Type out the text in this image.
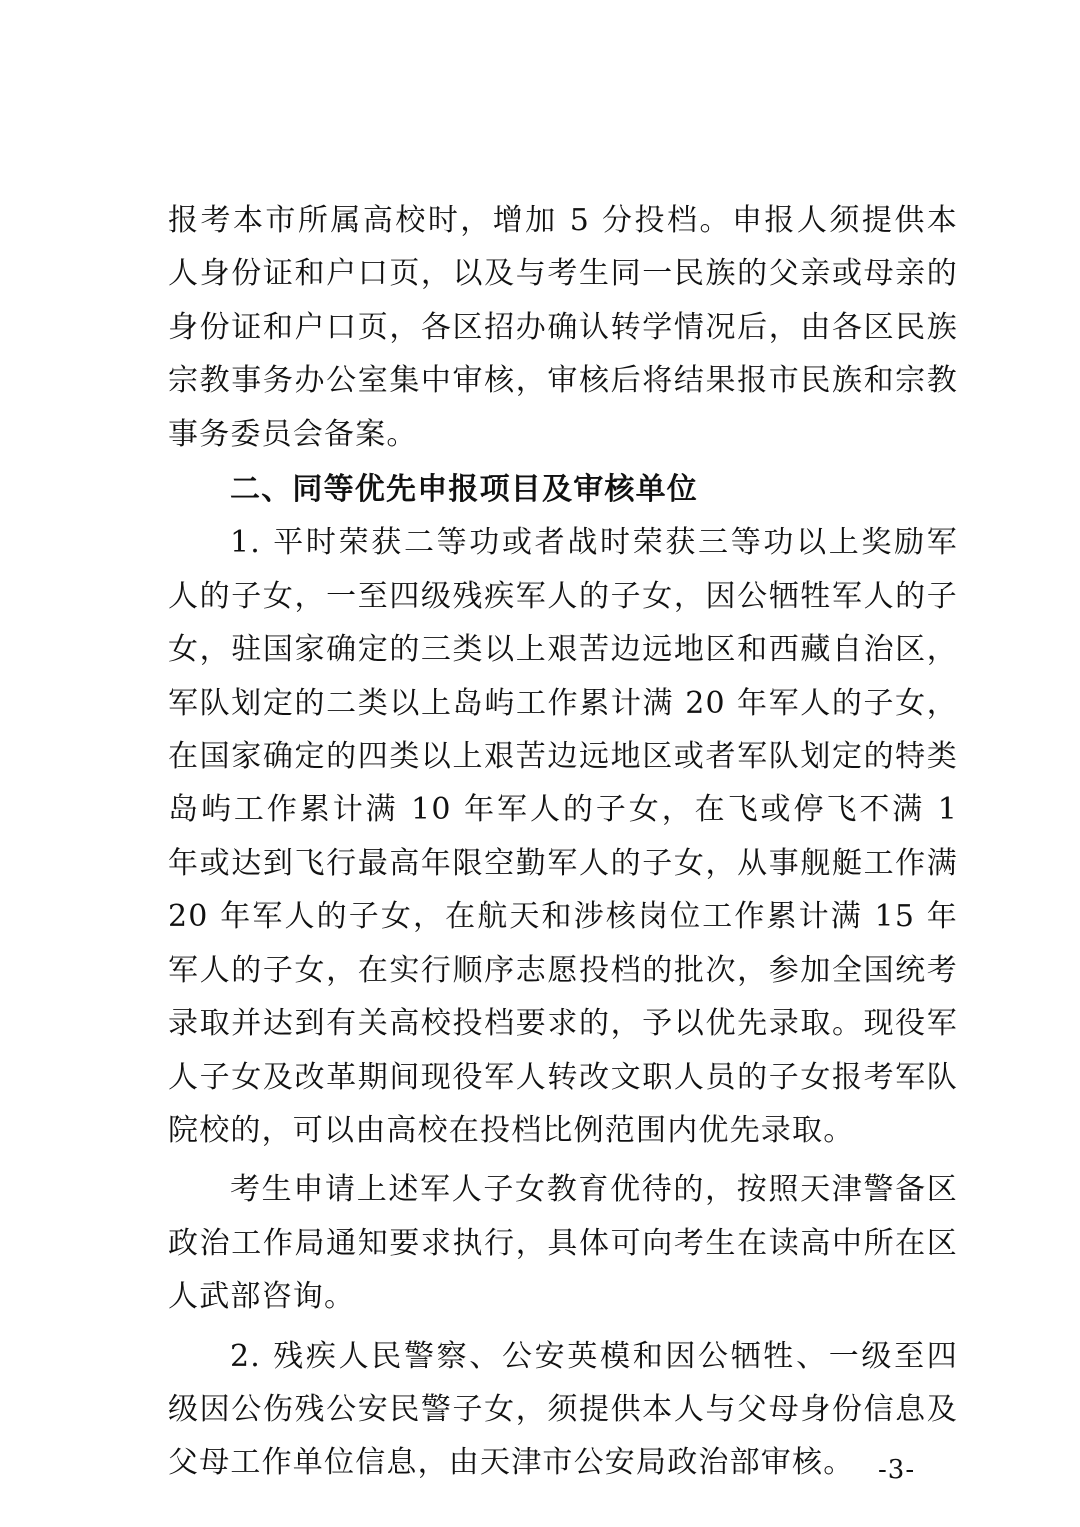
报考本市所属高校时，增加 5 分投档。申报人须提供本人身份证和户口页，以及与考生同一民族的父亲或母亲的身份证和户口页，各区招办确认转学情况后，由各区民族宗教事务办公室集中审核，审核后将结果报市民族和宗教事务委员会备案。

二、同等优先申报项目及审核单位

1. 平时荣获二等功或者战时荣获三等功以上奖励军人的子女，一至四级残疾军人的子女，因公牺牲军人的子女，驻国家确定的三类以上艰苦边远地区和西藏自治区，军队划定的二类以上岛屿工作累计满 20 年军人的子女，在国家确定的四类以上艰苦边远地区或者军队划定的特类岛屿工作累计满 10 年军人的子女，在飞或停飞不满 1 年或达到飞行最高年限空勤军人的子女，从事舰艇工作满 20 年军人的子女，在航天和涉核岗位工作累计满 15 年军人的子女，在实行顺序志愿投档的批次，参加全国统考录取并达到有关高校投档要求的，予以优先录取。现役军人子女及改革期间现役军人转改文职人员的子女报考军队院校的，可以由高校在投档比例范围内优先录取。

考生申请上述军人子女教育优待的，按照天津警备区政治工作局通知要求执行，具体可向考生在读高中所在区人武部咨询。

2. 残疾人民警察、公安英模和因公牺牲、一级至四级因公伤残公安民警子女，须提供本人与父母身份信息及父母工作单位信息，由天津市公安局政治部审核。 -3-
